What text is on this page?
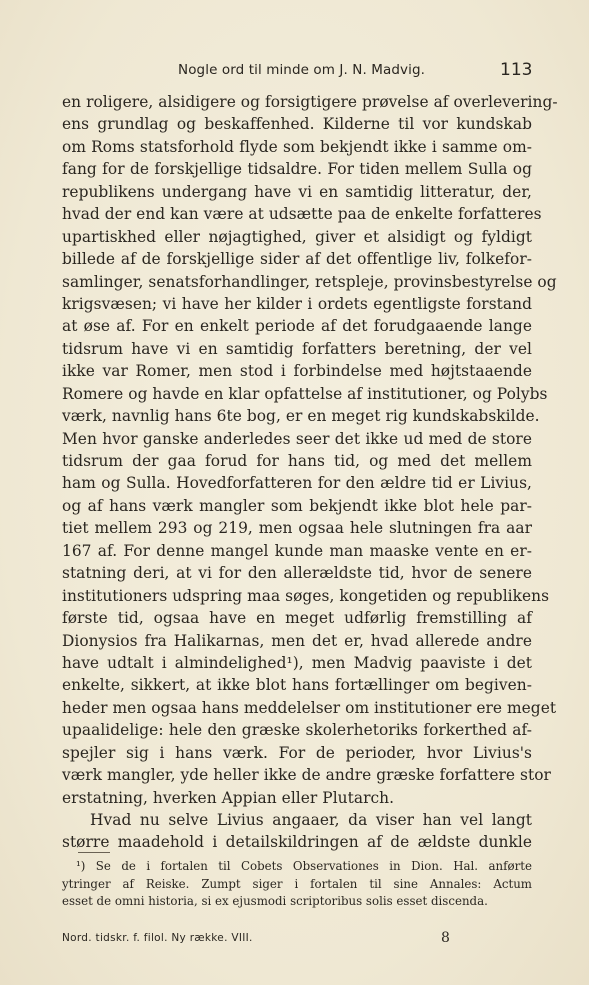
Nogle ord til minde om J. N. Madvig.	113
en roligere, alsidigere og forsigtigere prøvelse af overlevering-
ens grundlag og beskaffenhed. Kilderne til vor kundskab
om Roms statsforhold flyde som bekjendt ikke i samme om-
fang for de forskjellige tidsaldre. For tiden mellem Sulla og
republikens undergang have vi en samtidig litteratur, der,
hvad der end kan være at udsætte paa de enkelte forfatteres
upartiskhed eller nøjagtighed, giver et alsidigt og fyldigt
billede af de forskjellige sider af det offentlige liv, folkefor-
samlinger, senatsforhandlinger, retspleje, provinsbestyrelse og
krigsvæsen; vi have her kilder i ordets egentligste forstand
at øse af. For en enkelt periode af det forudgaaende lange
tidsrum have vi en samtidig forfatters beretning, der vel
ikke var Romer, men stod i forbindelse med højtstaaende
Romere og havde en klar opfattelse af institutioner, og Polybs
værk, navnlig hans 6te bog, er en meget rig kundskabskilde.
Men hvor ganske anderledes seer det ikke ud med de store
tidsrum der gaa forud for hans tid, og med det mellem
ham og Sulla. Hovedforfatteren for den ældre tid er Livius,
og af hans værk mangler som bekjendt ikke blot hele par-
tiet mellem 293 og 219, men ogsaa hele slutningen fra aar
167 af. For denne mangel kunde man maaske vente en er-
statning deri, at vi for den allerældste tid, hvor de senere
institutioners udspring maa søges, kongetiden og republikens
første tid, ogsaa have en meget udførlig fremstilling af
Dionysios fra Halikarnas, men det er, hvad allerede andre
have udtalt i almindelighed¹), men Madvig paaviste i det
enkelte, sikkert, at ikke blot hans fortællinger om begiven-
heder men ogsaa hans meddelelser om institutioner ere meget
upaalidelige: hele den græske skolerhetoriks forkerthed af-
spejler sig i hans værk. For de perioder, hvor Livius's
værk mangler, yde heller ikke de andre græske forfattere stor
erstatning, hverken Appian eller Plutarch.
Hvad nu selve Livius angaaer, da viser han vel langt
større maadehold i detailskildringen af de ældste dunkle
¹) Se de i fortalen til Cobets Observationes in Dion. Hal. anførte
ytringer af Reiske. Zumpt siger i fortalen til sine Annales: Actum
esset de omni historia, si ex ejusmodi scriptoribus solis esset discenda.
Nord. tidskr. f. filol. Ny række. VIII.	8
